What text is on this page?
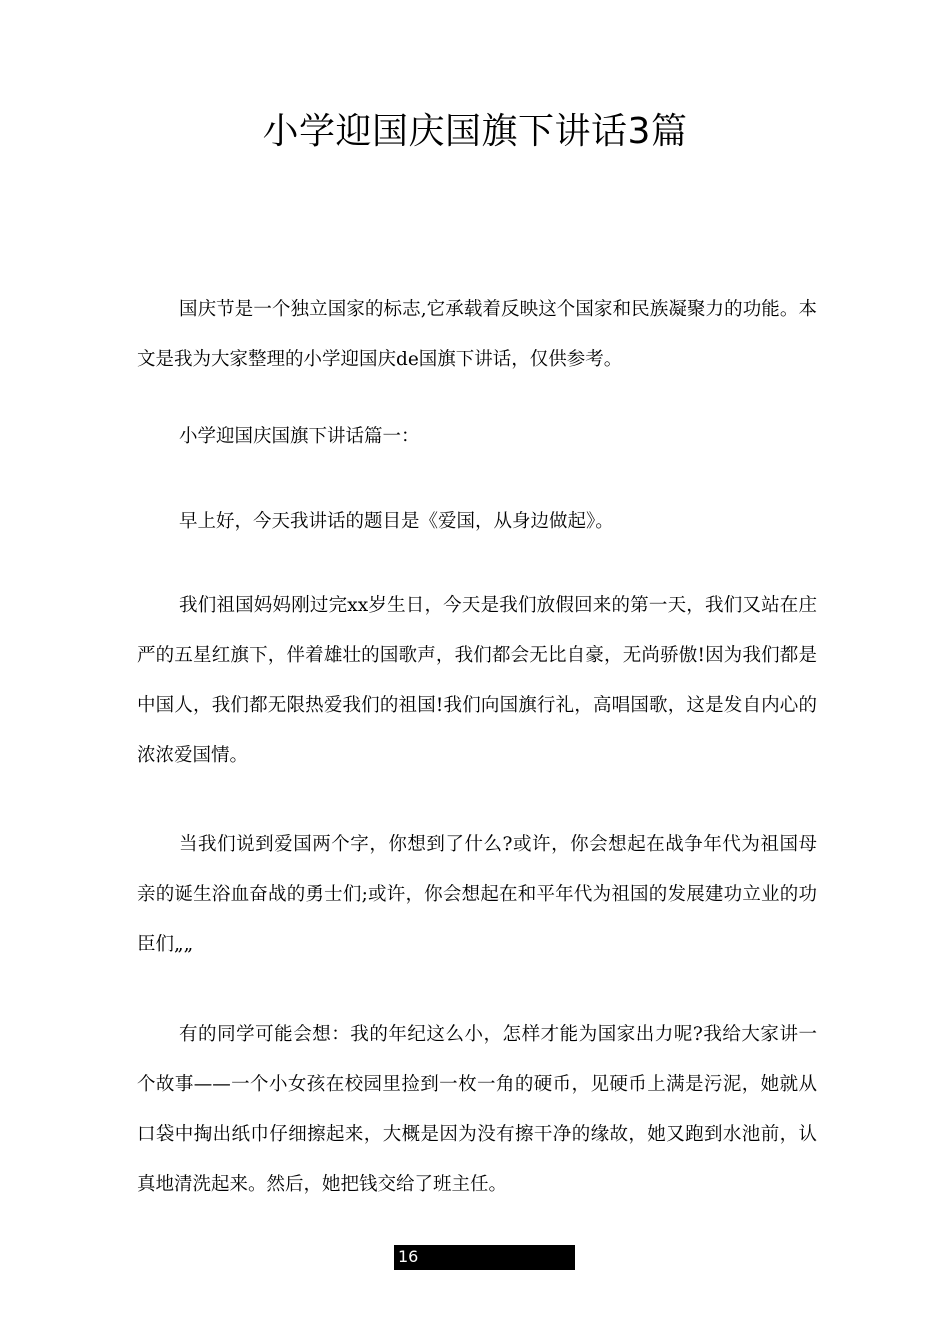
小学迎国庆国旗下讲话3篇

国庆节是一个独立国家的标志,它承载着反映这个国家和民族凝聚力的功能。本文是我为大家整理的小学迎国庆de国旗下讲话，仅供参考。

小学迎国庆国旗下讲话篇一：

早上好，今天我讲话的题目是《爱国，从身边做起》。

我们祖国妈妈刚过完xx岁生日，今天是我们放假回来的第一天，我们又站在庄严的五星红旗下，伴着雄壮的国歌声，我们都会无比自豪，无尚骄傲!因为我们都是中国人，我们都无限热爱我们的祖国!我们向国旗行礼，高唱国歌，这是发自内心的浓浓爱国情。

当我们说到爱国两个字，你想到了什么?或许，你会想起在战争年代为祖国母亲的诞生浴血奋战的勇士们;或许，你会想起在和平年代为祖国的发展建功立业的功臣们„„

有的同学可能会想：我的年纪这么小，怎样才能为国家出力呢?我给大家讲一个故事——一个小女孩在校园里捡到一枚一角的硬币，见硬币上满是污泥，她就从口袋中掏出纸巾仔细擦起来，大概是因为没有擦干净的缘故，她又跑到水池前，认真地清洗起来。然后，她把钱交给了班主任。

16
